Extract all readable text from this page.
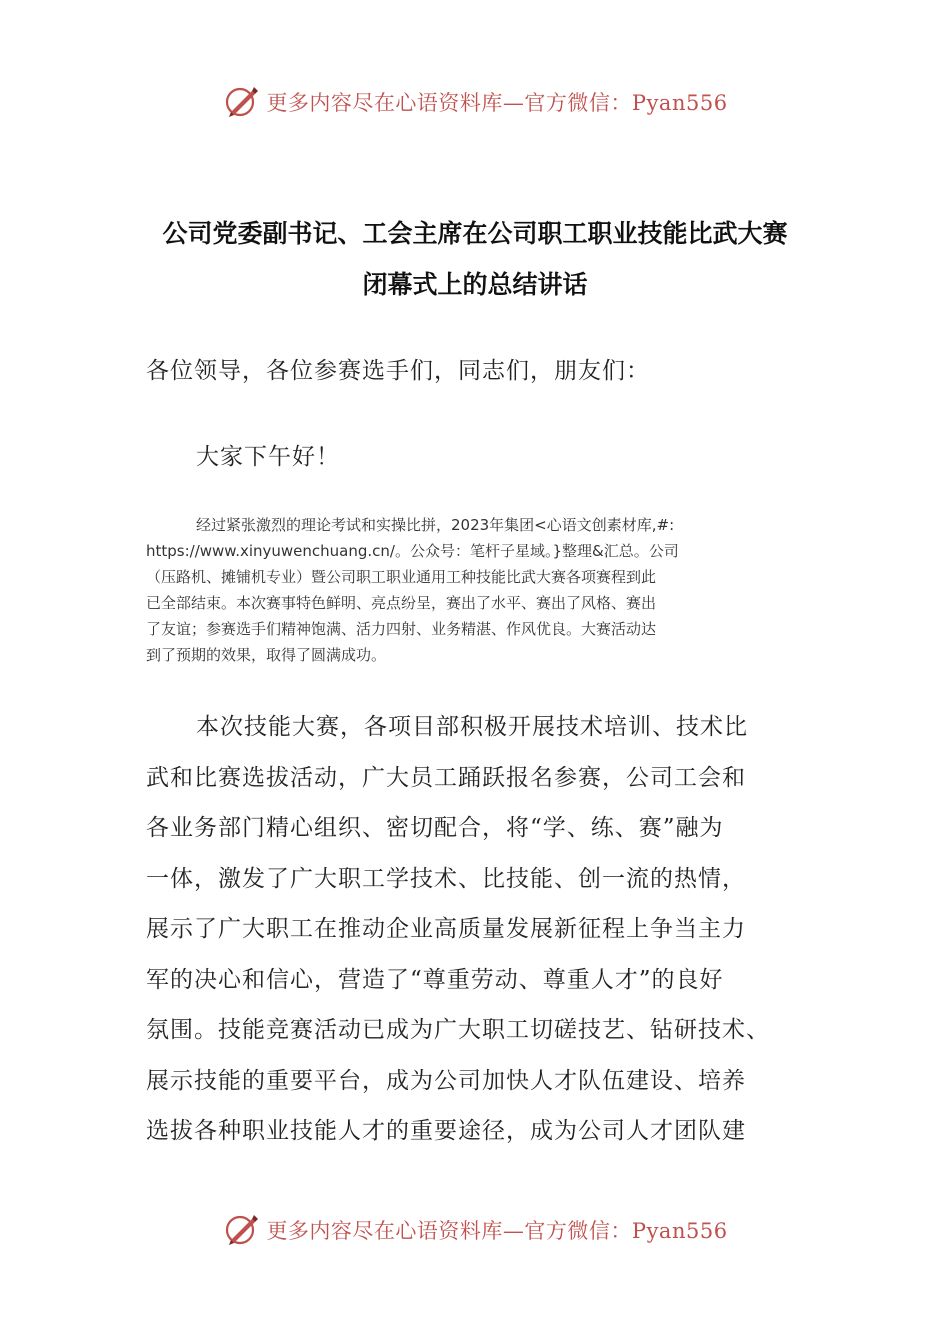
更多内容尽在心语资料库—官方微信：Pyan556
公司党委副书记、工会主席在公司职工职业技能比武大赛
闭幕式上的总结讲话
各位领导，各位参赛选手们，同志们，朋友们：
大家下午好！
经过紧张激烈的理论考试和实操比拼，2023年集团<心语文创素材库,#:
https://www.xinyuwenchuang.cn/。公众号：笔杆子星域。}整理&汇总。公司
（压路机、摊铺机专业）暨公司职工职业通用工种技能比武大赛各项赛程到此
已全部结束。本次赛事特色鲜明、亮点纷呈，赛出了水平、赛出了风格、赛出
了友谊；参赛选手们精神饱满、活力四射、业务精湛、作风优良。大赛活动达
到了预期的效果，取得了圆满成功。
本次技能大赛，各项目部积极开展技术培训、技术比
武和比赛选拔活动，广大员工踊跃报名参赛，公司工会和
各业务部门精心组织、密切配合，将“学、练、赛”融为
一体，激发了广大职工学技术、比技能、创一流的热情，
展示了广大职工在推动企业高质量发展新征程上争当主力
军的决心和信心，营造了“尊重劳动、尊重人才”的良好
氛围。技能竞赛活动已成为广大职工切磋技艺、钻研技术、
展示技能的重要平台，成为公司加快人才队伍建设、培养
选拔各种职业技能人才的重要途径，成为公司人才团队建
更多内容尽在心语资料库—官方微信：Pyan556
